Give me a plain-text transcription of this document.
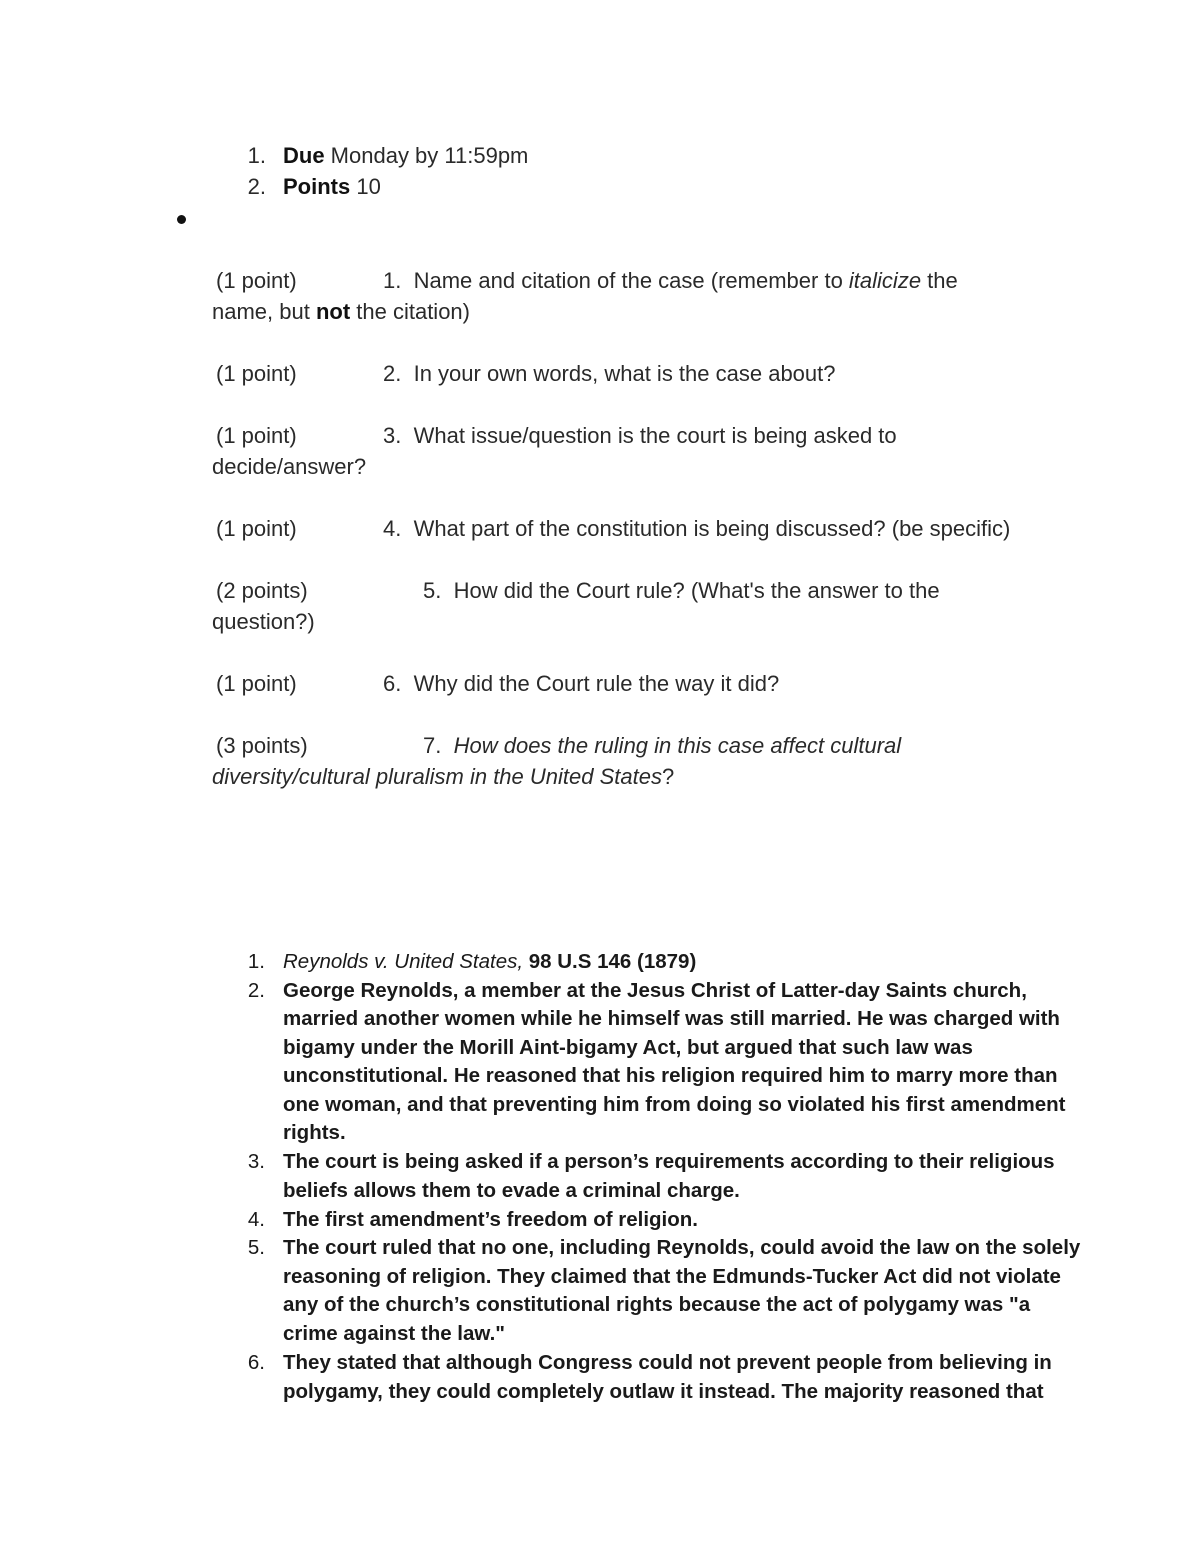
1. Due Monday by 11:59pm
2. Points 10
(1 point)	1. Name and citation of the case (remember to italicize the
name, but not the citation)
(1 point)	2. In your own words, what is the case about?
(1 point)	3. What issue/question is the court is being asked to
decide/answer?
(1 point)	4. What part of the constitution is being discussed? (be specific)
(2 points)	5. How did the Court rule? (What's the answer to the
question?)
(1 point)	6. Why did the Court rule the way it did?
(3 points)	7. How does the ruling in this case affect cultural
diversity/cultural pluralism in the United States?
1. Reynolds v. United States, 98 U.S 146 (1879)
2. George Reynolds, a member at the Jesus Christ of Latter-day Saints church,
married another women while he himself was still married. He was charged with
bigamy under the Morill Aint-bigamy Act, but argued that such law was
unconstitutional. He reasoned that his religion required him to marry more than
one woman, and that preventing him from doing so violated his first amendment
rights.
3. The court is being asked if a person’s requirements according to their religious
beliefs allows them to evade a criminal charge.
4. The first amendment’s freedom of religion.
5. The court ruled that no one, including Reynolds, could avoid the law on the solely
reasoning of religion. They claimed that the Edmunds-Tucker Act did not violate
any of the church’s constitutional rights because the act of polygamy was "a
crime against the law."
6. They stated that although Congress could not prevent people from believing in
polygamy, they could completely outlaw it instead. The majority reasoned that
